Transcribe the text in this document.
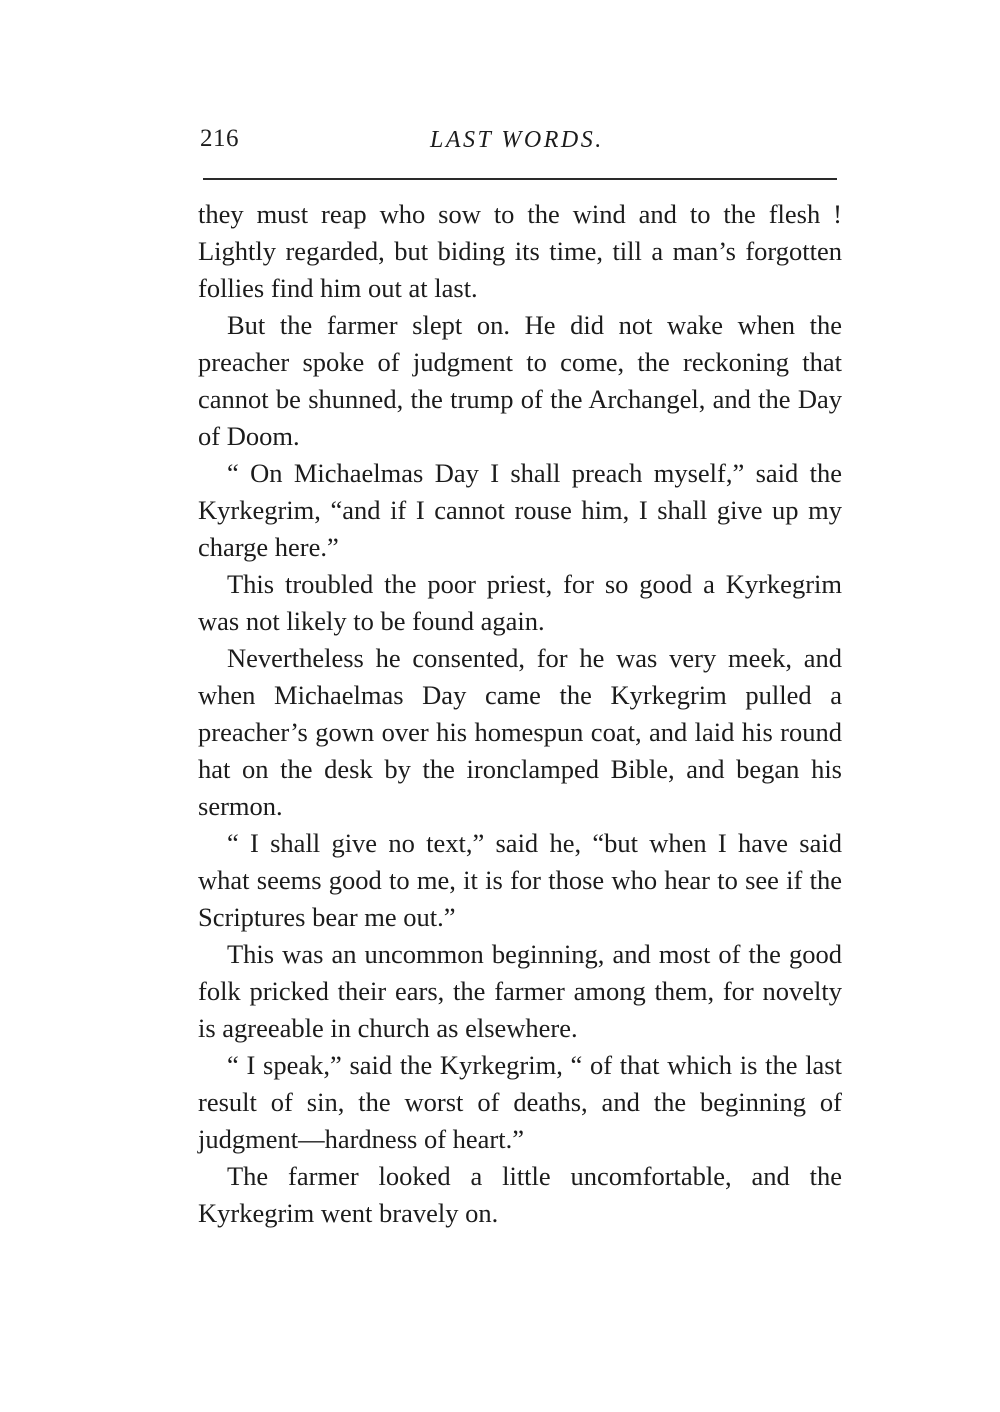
216	LAST WORDS.

they must reap who sow to the wind and to the flesh ! Lightly regarded, but biding its time, till a man’s forgotten follies find him out at last.

But the farmer slept on. He did not wake when the preacher spoke of judgment to come, the reckoning that cannot be shunned, the trump of the Archangel, and the Day of Doom.

“ On Michaelmas Day I shall preach myself,” said the Kyrkegrim, “and if I cannot rouse him, I shall give up my charge here.”

This troubled the poor priest, for so good a Kyrkegrim was not likely to be found again.

Nevertheless he consented, for he was very meek, and when Michaelmas Day came the Kyrkegrim pulled a preacher’s gown over his homespun coat, and laid his round hat on the desk by the ironclamped Bible, and began his sermon.

“ I shall give no text,” said he, “but when I have said what seems good to me, it is for those who hear to see if the Scriptures bear me out.”

This was an uncommon beginning, and most of the good folk pricked their ears, the farmer among them, for novelty is agreeable in church as elsewhere.

“ I speak,” said the Kyrkegrim, “ of that which is the last result of sin, the worst of deaths, and the beginning of judgment—hardness of heart.”

The farmer looked a little uncomfortable, and the Kyrkegrim went bravely on.
